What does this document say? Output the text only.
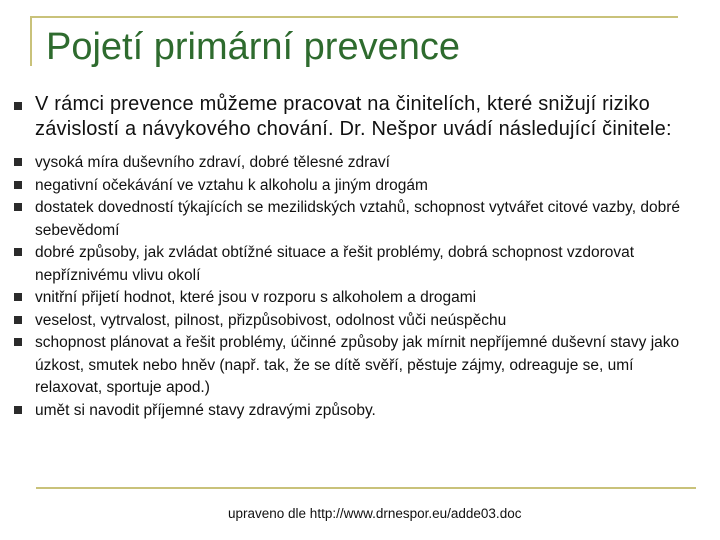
Pojetí primární prevence
V rámci prevence můžeme pracovat na činitelích, které snižují riziko závislostí a návykového chování. Dr. Nešpor uvádí následující činitele:
vysoká míra duševního zdraví, dobré tělesné zdraví
negativní očekávání ve vztahu k alkoholu a jiným drogám
dostatek dovedností týkajících se mezilidských vztahů, schopnost vytvářet citové vazby, dobré sebevědomí
dobré způsoby, jak zvládat obtížné situace a řešit problémy, dobrá schopnost vzdorovat nepříznivému vlivu okolí
vnitřní přijetí hodnot, které jsou v rozporu s alkoholem a drogami
veselost, vytrvalost, pilnost, přizpůsobivost, odolnost vůči neúspěchu
schopnost plánovat a řešit problémy, účinné způsoby jak mírnit nepříjemné duševní stavy jako úzkost, smutek nebo hněv (např. tak, že se dítě svěří, pěstuje zájmy, odreaguje se, umí relaxovat, sportuje apod.)
umět si navodit příjemné stavy zdravými způsoby.
upraveno dle http://www.drnespor.eu/adde03.doc
